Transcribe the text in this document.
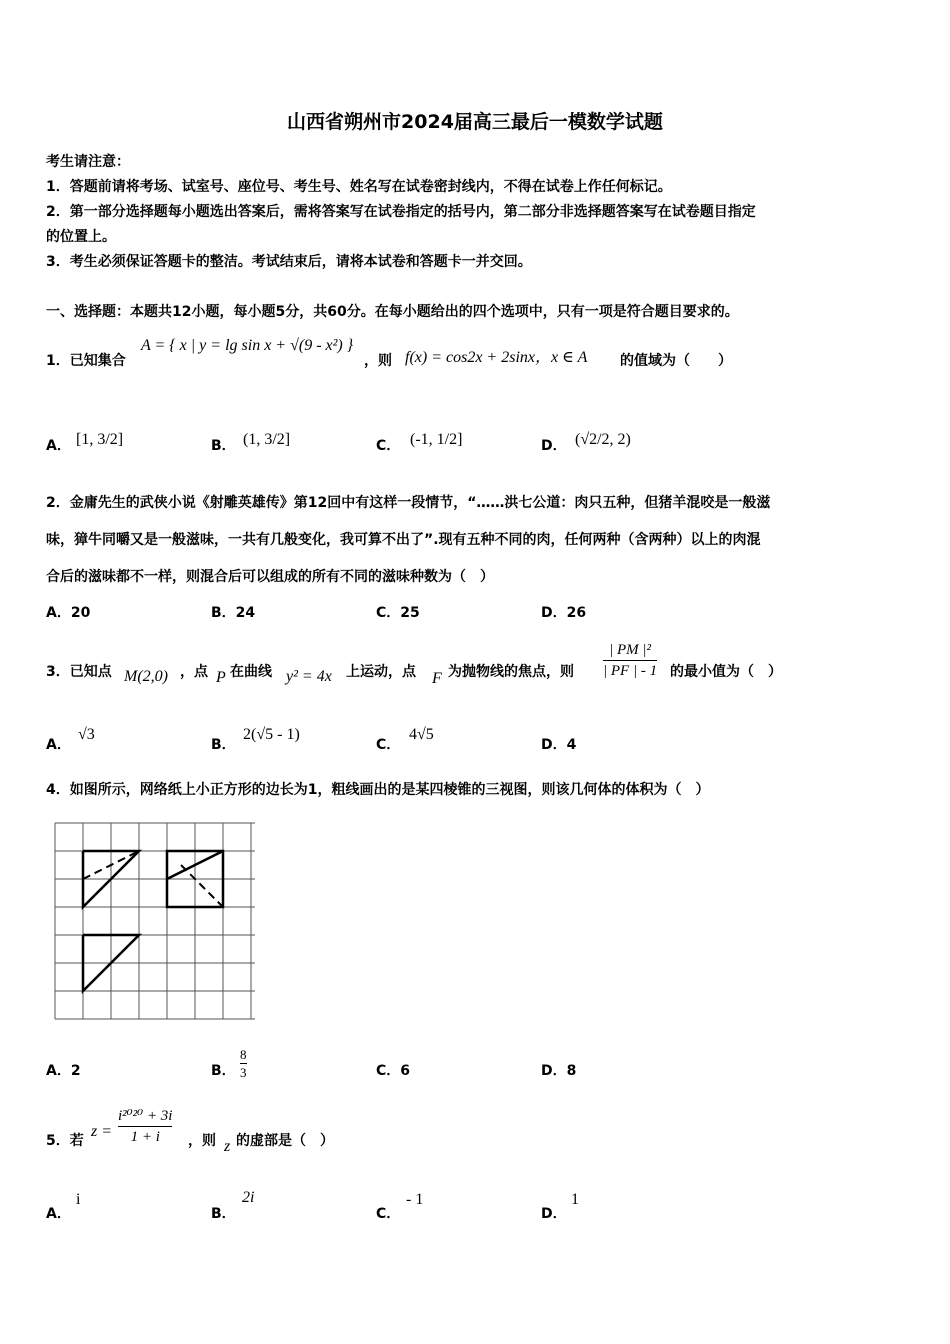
山西省朔州市2024届高三最后一模数学试题
考生请注意：
1．答题前请将考场、试室号、座位号、考生号、姓名写在试卷密封线内，不得在试卷上作任何标记。
2．第一部分选择题每小题选出答案后，需将答案写在试卷指定的括号内，第二部分非选择题答案写在试卷题目指定
的位置上。
3．考生必须保证答题卡的整洁。考试结束后，请将本试卷和答题卡一并交回。
一、选择题：本题共12小题，每小题5分，共60分。在每小题给出的四个选项中，只有一项是符合题目要求的。
1．已知集合
A = { x | y = lg sin x + √(9 - x²) }
，则 f(x) = cos2x + 2sinx，x ∈ A 的值域为（　　）
A． [1, 3/2]	B． (1, 3/2]	C． (-1, 1/2]	D． (√2/2, 2)
2．金庸先生的武侠小说《射雕英雄传》第12回中有这样一段情节，“……洪七公道：肉只五种，但猪羊混咬是一般滋
味，獐牛同嚼又是一般滋味，一共有几般变化，我可算不出了”.现有五种不同的肉，任何两种（含两种）以上的肉混
合后的滋味都不一样，则混合后可以组成的所有不同的滋味种数为（　）
A．20	B．24	C．25	D．26
3．已知点 M(2,0) ，点 P 在曲线 y² = 4x 上运动，点 F 为抛物线的焦点，则 $\frac{\text{| PM |²}}{| PF | - 1}$ 的最小值为（　）
A．
√3
B．
2(√5 - 1)
C．
4√5
D．4
4．如图所示，网络纸上小正方形的边长为1，粗线画出的是某四棱锥的三视图，则该几何体的体积为（　）
A．2	B． $\frac{8}{3}$	C．6	D．8
5．若
$z = \frac{\text{i²⁰²⁰ + 3i}}{1 + i}$ ，则 z 的虚部是（　）
A．
i
B．
2i
C．
- 1
D．
1
